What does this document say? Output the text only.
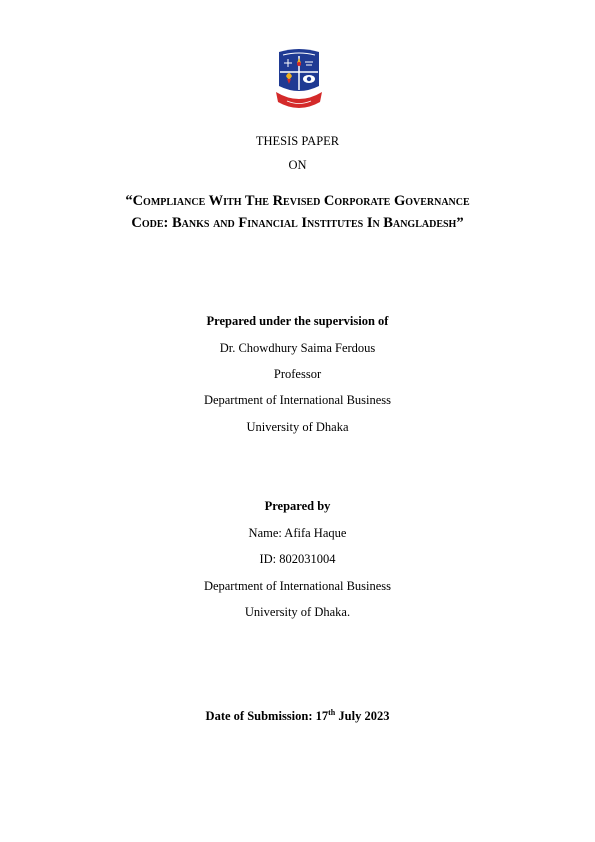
THESIS PAPER
ON
“Compliance With The Revised Corporate Governance
Code: Banks and Financial Institutes In Bangladesh”
Prepared under the supervision of
Dr. Chowdhury Saima Ferdous
Professor
Department of International Business
University of Dhaka
Prepared by
Name: Afifa Haque
ID: 802031004
Department of International Business
University of Dhaka.
Date of Submission: 17th July 2023
